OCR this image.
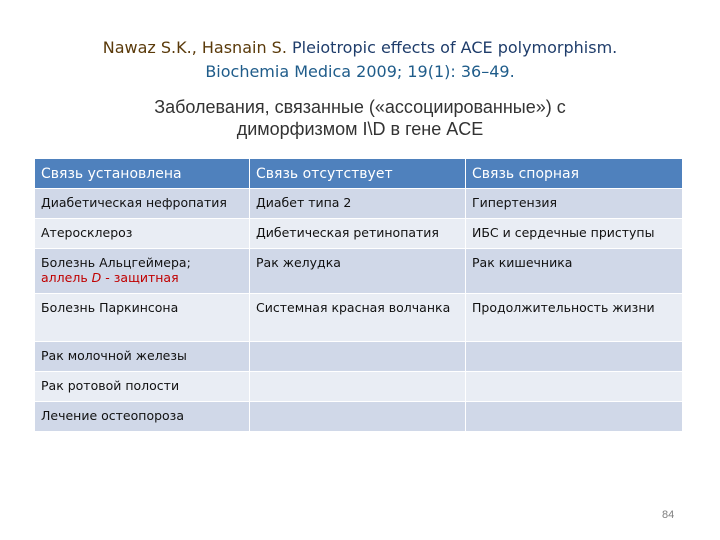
Nawaz S.K., Hasnain S. Pleiotropic effects of ACE polymorphism.
Biochemia Medica 2009; 19(1): 36–49.
Заболевания, связанные («ассоциированные») с
диморфизмом I\D в гене ACE
Связь установлена	Связь отсутствует	Связь спорная
Диабетическая нефропатия	Диабет типа 2	Гипертензия
Атеросклероз	Дибетическая ретинопатия	ИБС и сердечные приступы
Болезнь Альцгеймера;
аллель D - защитная	Рак желудка	Рак кишечника
Болезнь Паркинсона	Системная красная волчанка	Продолжительность жизни
Рак молочной железы		
Рак ротовой полости		
Лечение остеопороза		
84
